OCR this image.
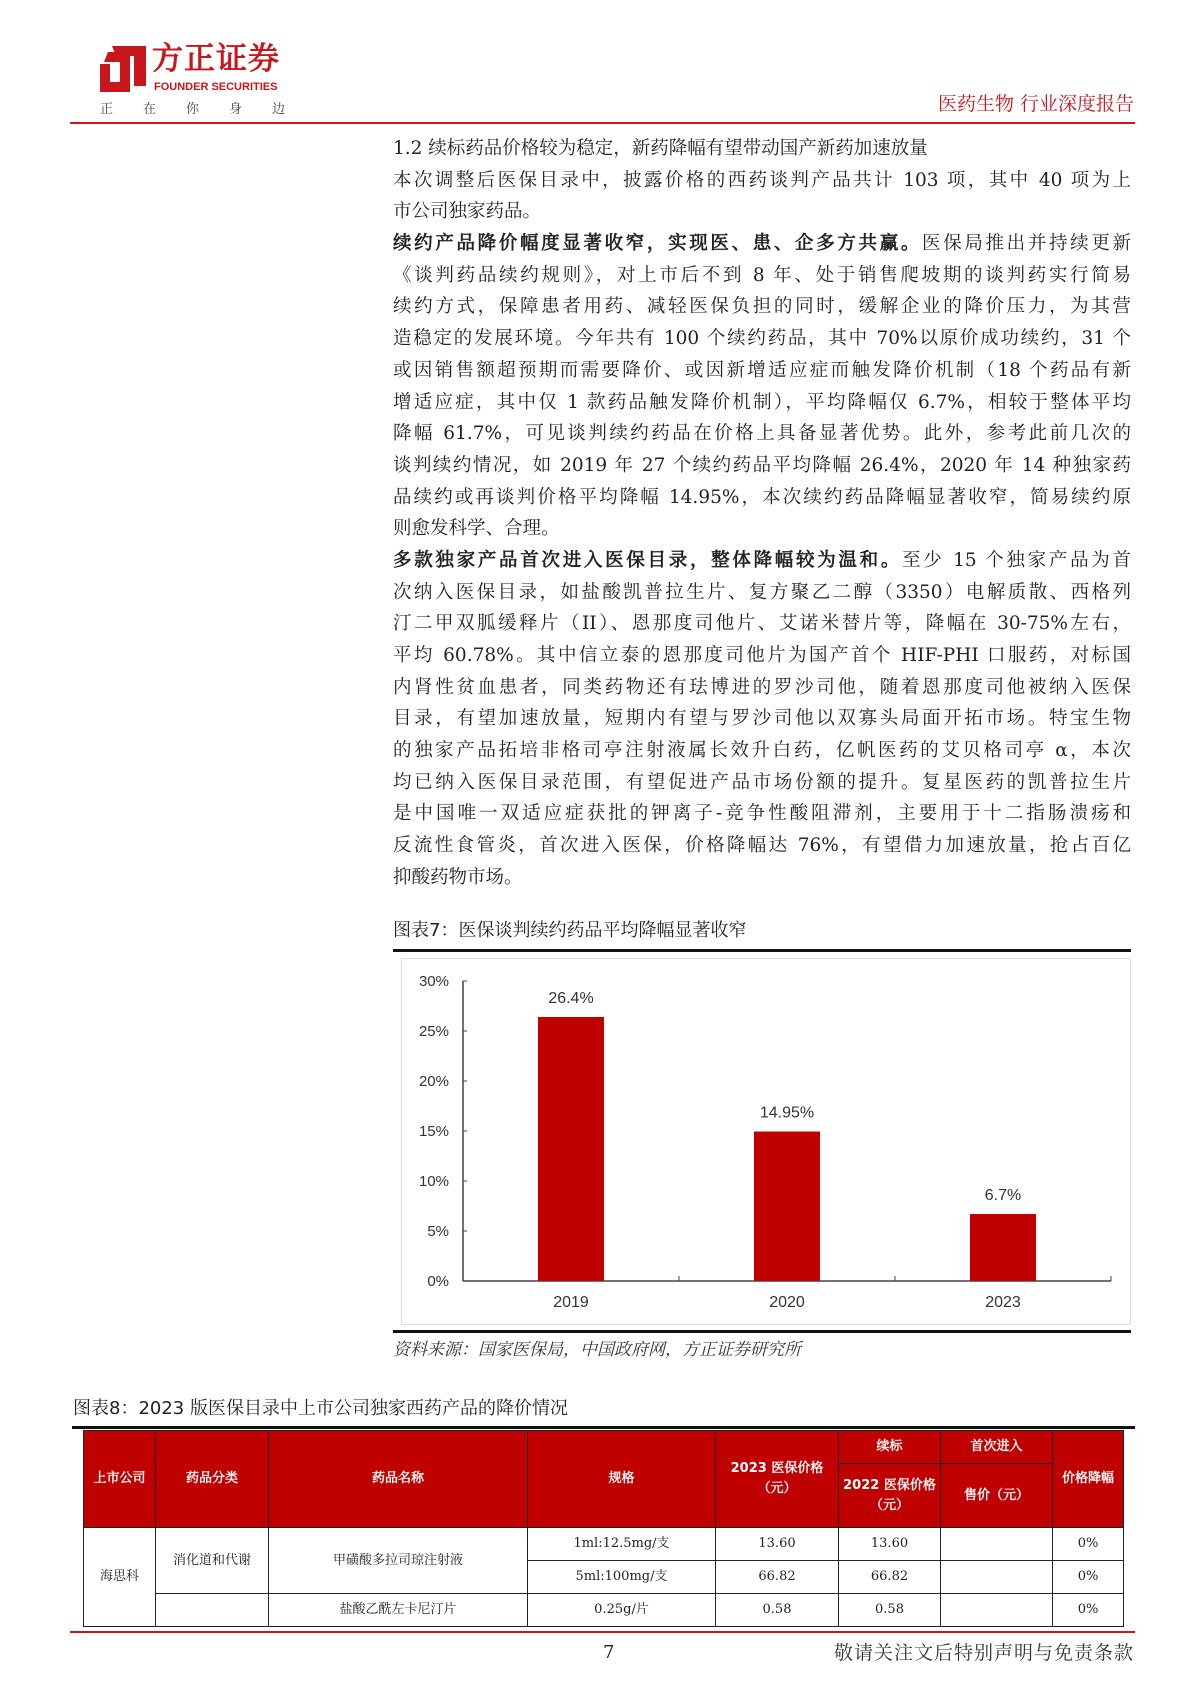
方正证券
FOUNDER SECURITIES
正 在 你 身 边	医药生物 行业深度报告
1.2 续标药品价格较为稳定，新药降幅有望带动国产新药加速放量
本次调整后医保目录中，披露价格的西药谈判产品共计 103 项，其中 40 项为上
市公司独家药品。
续约产品降价幅度显著收窄，实现医、患、企多方共赢。医保局推出并持续更新
《谈判药品续约规则》，对上市后不到 8 年、处于销售爬坡期的谈判药实行简易
续约方式，保障患者用药、减轻医保负担的同时，缓解企业的降价压力，为其营
造稳定的发展环境。今年共有 100 个续约药品，其中 70%以原价成功续约，31 个
或因销售额超预期而需要降价、或因新增适应症而触发降价机制（18 个药品有新
增适应症，其中仅 1 款药品触发降价机制），平均降幅仅 6.7%，相较于整体平均
降幅 61.7%，可见谈判续约药品在价格上具备显著优势。此外，参考此前几次的
谈判续约情况，如 2019 年 27 个续约药品平均降幅 26.4%，2020 年 14 种独家药
品续约或再谈判价格平均降幅 14.95%，本次续约药品降幅显著收窄，简易续约原
则愈发科学、合理。
多款独家产品首次进入医保目录，整体降幅较为温和。至少 15 个独家产品为首
次纳入医保目录，如盐酸凯普拉生片、复方聚乙二醇（3350）电解质散、西格列
汀二甲双胍缓释片（II）、恩那度司他片、艾诺米替片等，降幅在 30-75%左右，
平均 60.78%。其中信立泰的恩那度司他片为国产首个 HIF-PHI 口服药，对标国
内肾性贫血患者，同类药物还有珐博进的罗沙司他，随着恩那度司他被纳入医保
目录，有望加速放量，短期内有望与罗沙司他以双寡头局面开拓市场。特宝生物
的独家产品拓培非格司亭注射液属长效升白药，亿帆医药的艾贝格司亭 α，本次
均已纳入医保目录范围，有望促进产品市场份额的提升。复星医药的凯普拉生片
是中国唯一双适应症获批的钾离子-竞争性酸阻滞剂，主要用于十二指肠溃疡和
反流性食管炎，首次进入医保，价格降幅达 76%，有望借力加速放量，抢占百亿
抑酸药物市场。
图表7：医保谈判续约药品平均降幅显著收窄
0%
5%
10%
15%
20%
25%
30%
26.4%
2019
14.95%
2020
6.7%
2023
资料来源：国家医保局，中国政府网，方正证券研究所
图表8：2023 版医保目录中上市公司独家西药产品的降价情况
上市公司	药品分类	药品名称	规格	2023 医保价格（元）	续标	首次进入	价格降幅
					2022 医保价格（元）	售价（元）	
海思科	消化道和代谢	甲磺酸多拉司琼注射液	1ml:12.5mg/支	13.60	13.60		0%
			5ml:100mg/支	66.82	66.82		0%
		盐酸乙酰左卡尼汀片	0.25g/片	0.58	0.58		0%
7	敬请关注文后特别声明与免责条款
